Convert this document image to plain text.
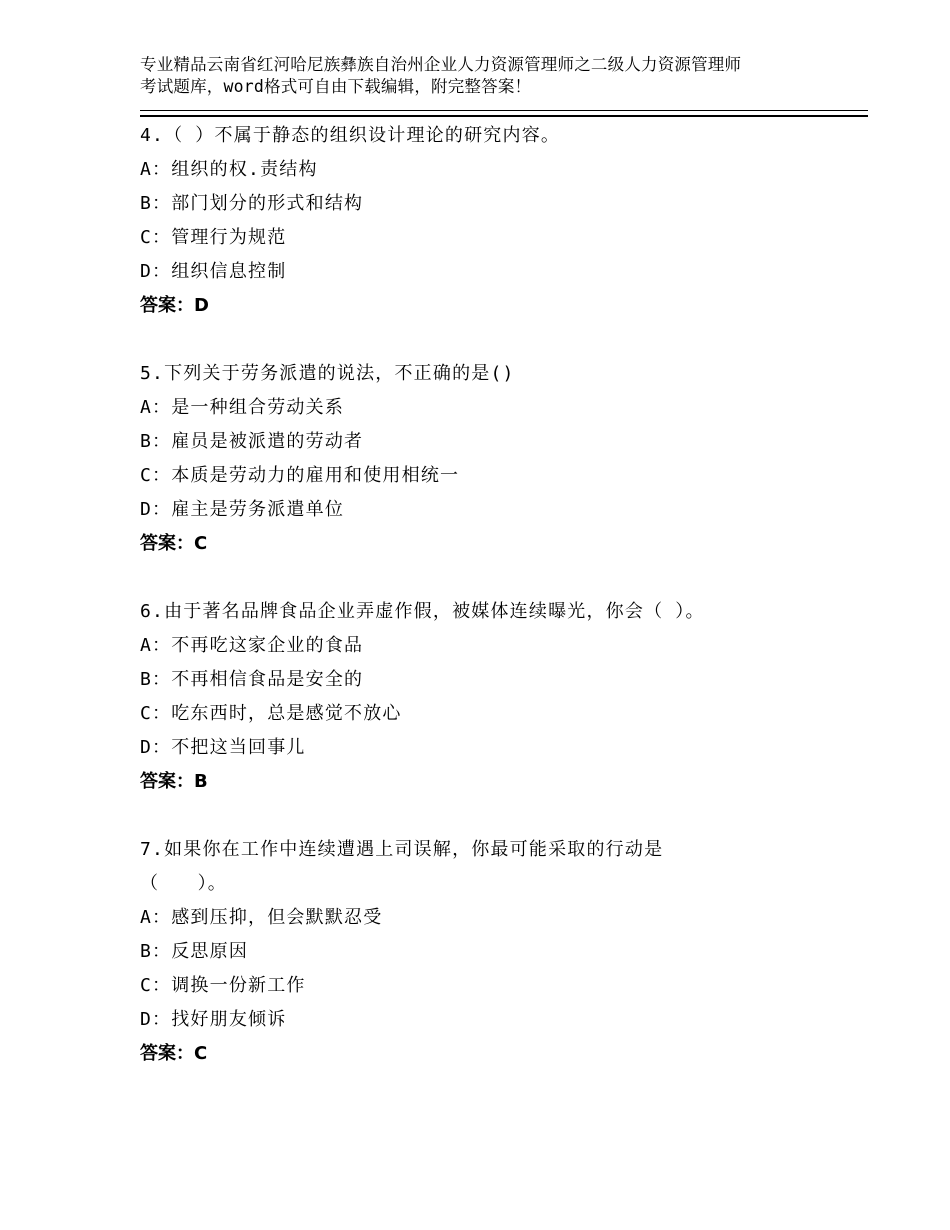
专业精品云南省红河哈尼族彝族自治州企业人力资源管理师之二级人力资源管理师

考试题库，word格式可自由下载编辑，附完整答案！

4.（ ）不属于静态的组织设计理论的研究内容。

A：组织的权.责结构

B：部门划分的形式和结构

C：管理行为规范

D：组织信息控制

答案：D

5.下列关于劳务派遣的说法，不正确的是()

A：是一种组合劳动关系

B：雇员是被派遣的劳动者

C：本质是劳动力的雇用和使用相统一

D：雇主是劳务派遣单位

答案：C

6.由于著名品牌食品企业弄虚作假，被媒体连续曝光，你会（ ）。

A：不再吃这家企业的食品

B：不再相信食品是安全的

C：吃东西时，总是感觉不放心

D：不把这当回事儿

答案：B

7.如果你在工作中连续遭遇上司误解，你最可能采取的行动是

（　　）。

A：感到压抑，但会默默忍受

B：反思原因

C：调换一份新工作

D：找好朋友倾诉

答案：C
